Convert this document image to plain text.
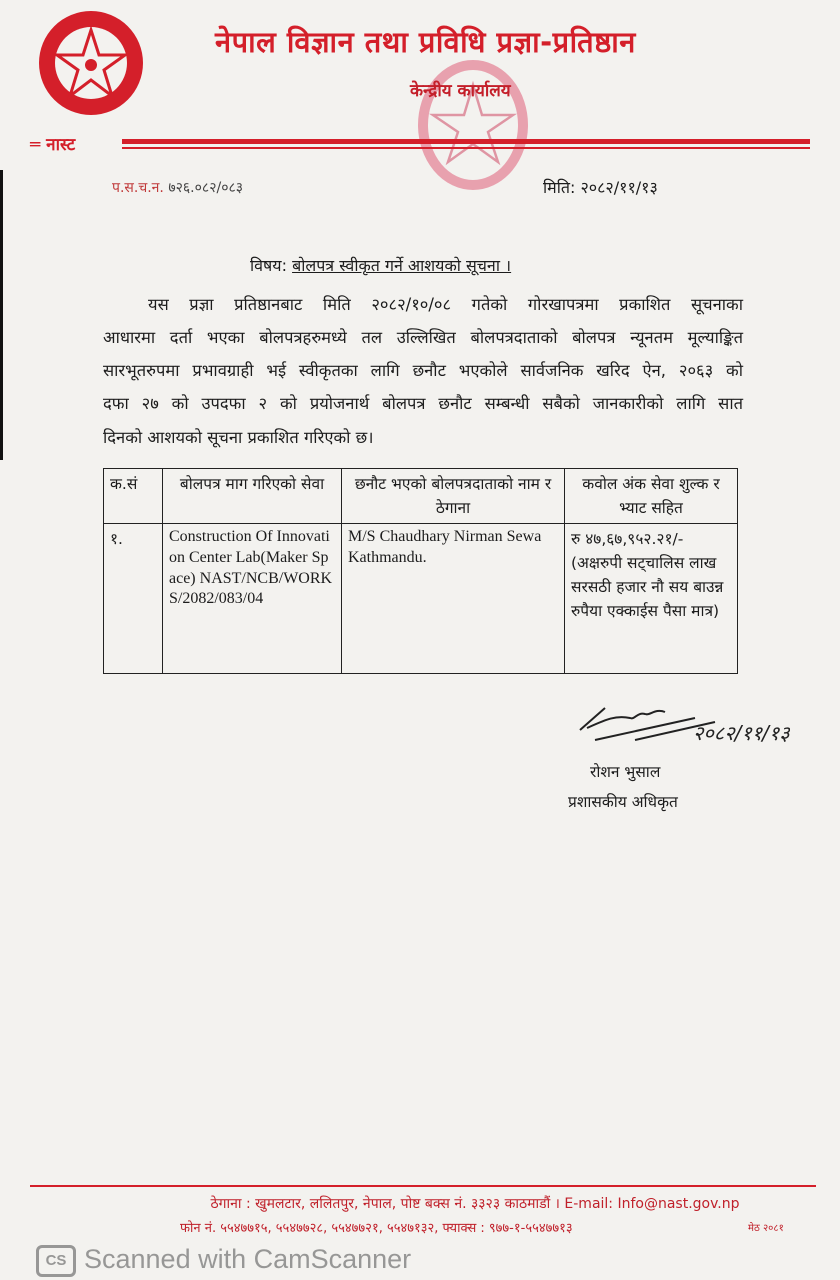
नेपाल विज्ञान तथा प्रविधि प्रज्ञा-प्रतिष्ठान
केन्द्रीय कार्यालय
═ नास्ट
प.स.च.न. ७२६.०८२/०८३	मिति: २०८२/११/१३
विषय: बोलपत्र स्वीकृत गर्ने आशयको सूचना ।
यस प्रज्ञा प्रतिष्ठानबाट मिति २०८२/१०/०८ गतेको गोरखापत्रमा प्रकाशित सूचनाका
आधारमा दर्ता भएका बोलपत्रहरुमध्ये तल उल्लिखित बोलपत्रदाताको बोलपत्र न्यूनतम मूल्याङ्कित
सारभूतरुपमा प्रभावग्राही भई स्वीकृतका लागि छनौट भएकोले सार्वजनिक खरिद ऐन, २०६३ को
दफा २७ को उपदफा २ को प्रयोजनार्थ बोलपत्र छनौट सम्बन्धी सबैको जानकारीको लागि सात
दिनको आशयको सूचना प्रकाशित गरिएको छ।
क.सं	बोलपत्र माग गरिएको सेवा	छनौट भएको बोलपत्रदाताको नाम र ठेगाना	कवोल अंक सेवा शुल्क र भ्याट सहित
१.	Construction Of Innovation Center Lab(Maker Space) NAST/NCB/WORKS/2082/083/04	M/S Chaudhary Nirman Sewa Kathmandu.	रु ४७,६७,९५२.२१/-
(अक्षरुपी सट्चालिस लाख सरसठी हजार नौ सय बाउन्न रुपैया एक्काईस पैसा मात्र)
२०८२/११/१३
रोशन भुसाल
प्रशासकीय अधिकृत
ठेगाना : खुमलटार, ललितपुर, नेपाल, पोष्ट बक्स नं. ३३२३ काठमाडौं । E-mail: Info@nast.gov.np
फोन नं. ५५४७७१५, ५५४७७२८, ५५४७७२१, ५५४७१३२, फ्याक्स : ९७७-१-५५४७७१३	मेठ २०८१
CS Scanned with CamScanner
